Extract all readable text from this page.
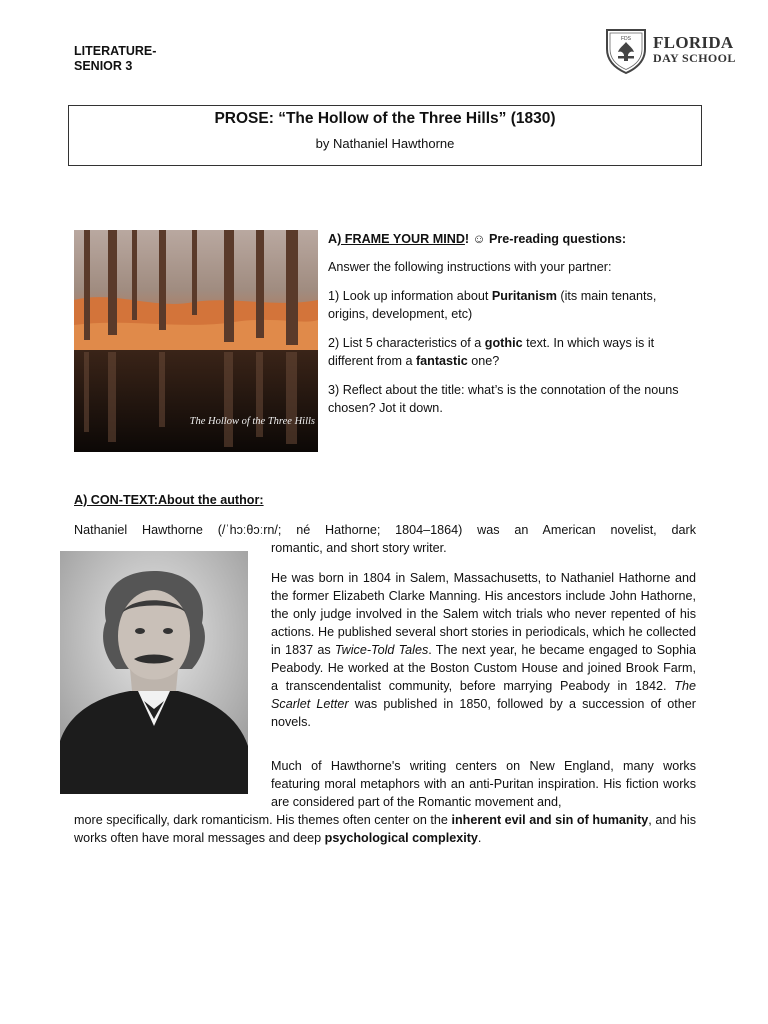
LITERATURE-
SENIOR 3
FDS FLORIDA
DAY SCHOOL
PROSE: “The Hollow of the Three Hills” (1830)
by Nathaniel Hawthorne
The Hollow of the Three Hills
A) FRAME YOUR MIND! ☺ Pre-reading questions:
Answer the following instructions with your partner:
1) Look up information about Puritanism (its main tenants, origins, development, etc)
2) List 5 characteristics of a gothic text. In which ways is it different from a fantastic one?
3) Reflect about the title: what’s is the connotation of the nouns chosen? Jot it down.
A) CON-TEXT:About the author:
Nathaniel Hawthorne (/ˈhɔːθɔːrn/; né Hathorne; 1804–1864) was an American novelist, dark
romantic, and short story writer.
He was born in 1804 in Salem, Massachusetts, to Nathaniel Hathorne and the former Elizabeth Clarke Manning. His ancestors include John Hathorne, the only judge involved in the Salem witch trials who never repented of his actions. He published several short stories in periodicals, which he collected in 1837 as Twice-Told Tales. The next year, he became engaged to Sophia Peabody. He worked at the Boston Custom House and joined Brook Farm, a transcendentalist community, before marrying Peabody in 1842. The Scarlet Letter was published in 1850, followed by a succession of other novels.
Much of Hawthorne's writing centers on New England, many works featuring moral metaphors with an anti-Puritan inspiration. His fiction works are considered part of the Romantic movement and,
more specifically, dark romanticism. His themes often center on the inherent evil and sin of humanity, and his works often have moral messages and deep psychological complexity.
